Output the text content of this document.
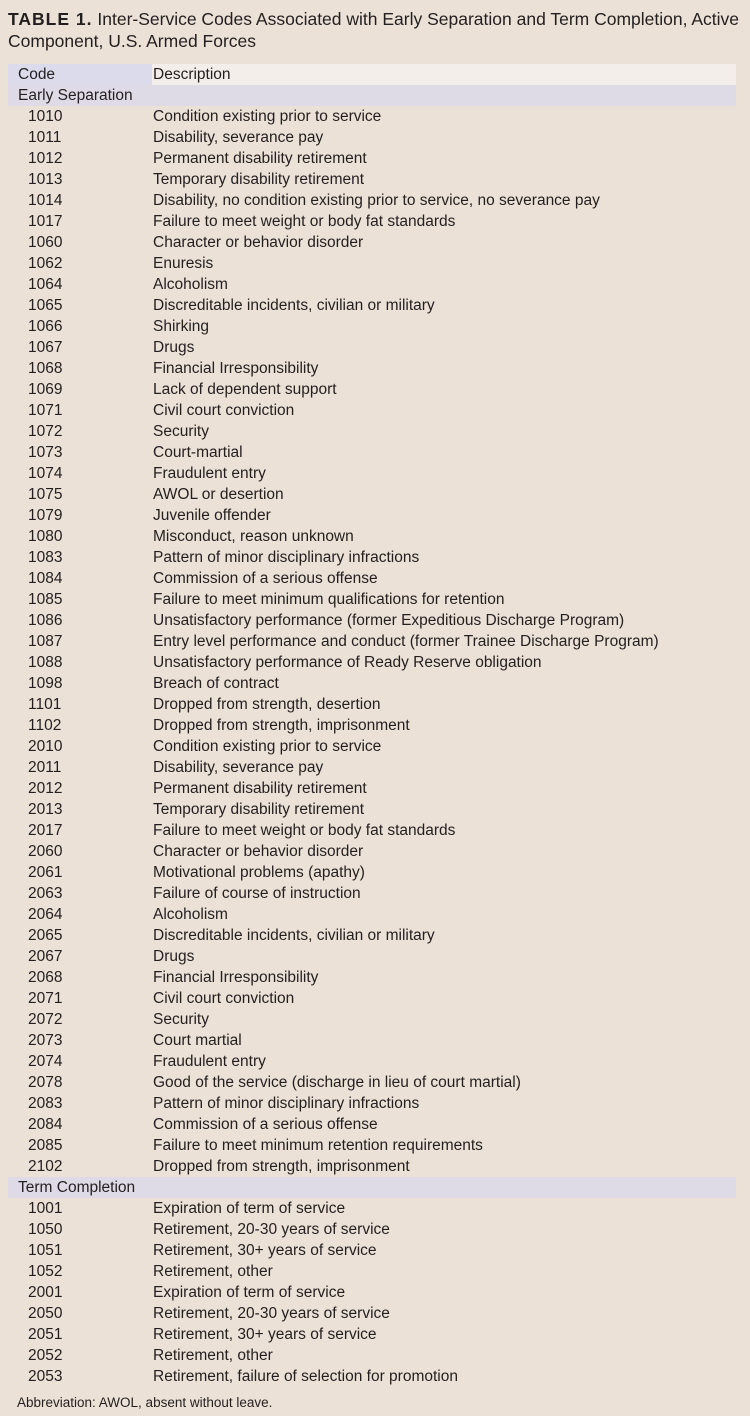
TABLE 1. Inter-Service Codes Associated with Early Separation and Term Completion, Active Component, U.S. Armed Forces
Code	Description
Early Separation
1010	Condition existing prior to service
1011	Disability, severance pay
1012	Permanent disability retirement
1013	Temporary disability retirement
1014	Disability, no condition existing prior to service, no severance pay
1017	Failure to meet weight or body fat standards
1060	Character or behavior disorder
1062	Enuresis
1064	Alcoholism
1065	Discreditable incidents, civilian or military
1066	Shirking
1067	Drugs
1068	Financial Irresponsibility
1069	Lack of dependent support
1071	Civil court conviction
1072	Security
1073	Court-martial
1074	Fraudulent entry
1075	AWOL or desertion
1079	Juvenile offender
1080	Misconduct, reason unknown
1083	Pattern of minor disciplinary infractions
1084	Commission of a serious offense
1085	Failure to meet minimum qualifications for retention
1086	Unsatisfactory performance (former Expeditious Discharge Program)
1087	Entry level performance and conduct (former Trainee Discharge Program)
1088	Unsatisfactory performance of Ready Reserve obligation
1098	Breach of contract
1101	Dropped from strength, desertion
1102	Dropped from strength, imprisonment
2010	Condition existing prior to service
2011	Disability, severance pay
2012	Permanent disability retirement
2013	Temporary disability retirement
2017	Failure to meet weight or body fat standards
2060	Character or behavior disorder
2061	Motivational problems (apathy)
2063	Failure of course of instruction
2064	Alcoholism
2065	Discreditable incidents, civilian or military
2067	Drugs
2068	Financial Irresponsibility
2071	Civil court conviction
2072	Security
2073	Court martial
2074	Fraudulent entry
2078	Good of the service (discharge in lieu of court martial)
2083	Pattern of minor disciplinary infractions
2084	Commission of a serious offense
2085	Failure to meet minimum retention requirements
2102	Dropped from strength, imprisonment
Term Completion
1001	Expiration of term of service
1050	Retirement, 20-30 years of service
1051	Retirement, 30+ years of service
1052	Retirement, other
2001	Expiration of term of service
2050	Retirement, 20-30 years of service
2051	Retirement, 30+ years of service
2052	Retirement, other
2053	Retirement, failure of selection for promotion
Abbreviation: AWOL, absent without leave.
